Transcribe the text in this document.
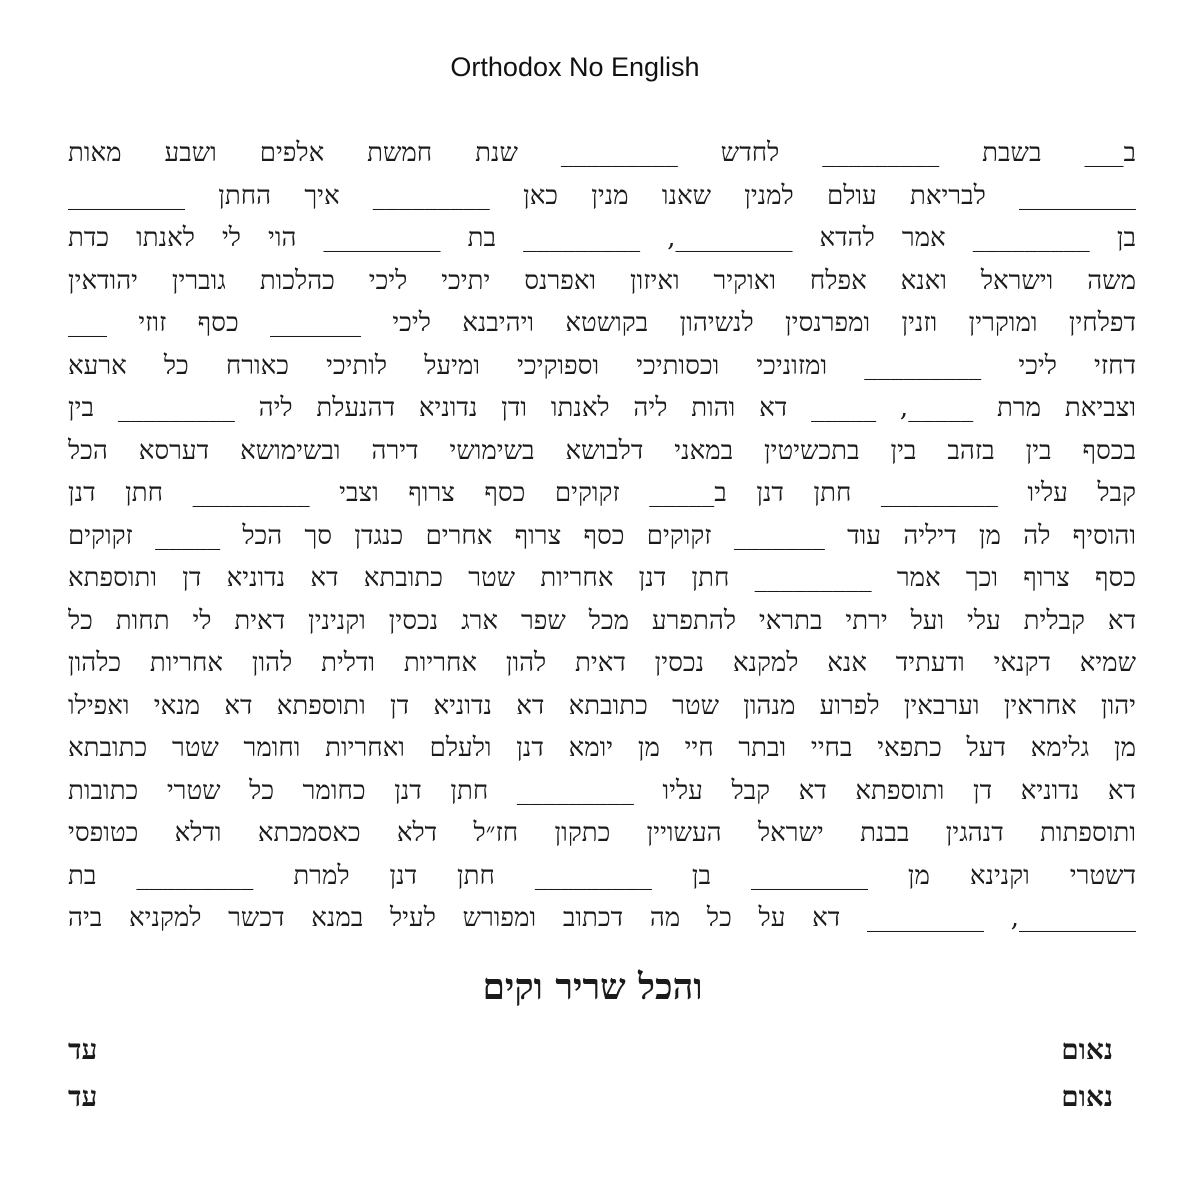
Orthodox No English
ב___ בשבת _________ לחדש _________ שנת חמשת אלפים ושבע מאות
_________ לבריאת עולם למנין שאנו מנין כאן _________ איך החתן _________
בן _________ אמר להדא _________, _________ בת _________ הוי לי לאנתו כדת
משה וישראל ואנא אפלח ואוקיר ואיזון ואפרנס יתיכי ליכי כהלכות גוברין יהודאין
דפלחין ומוקרין וזנין ומפרנסין לנשיהון בקושטא ויהיבנא ליכי _______ כסף זוזי ___
דחזי ליכי _________ ומזוניכי וכסותיכי וספוקיכי ומיעל לותיכי כאורח כל ארעא
וצביאת מרת _____, _____ דא והות ליה לאנתו ודן נדוניא דהנעלת ליה _________ בין
בכסף בין בזהב בין בתכשיטין במאני דלבושא בשימושי דירה ובשימושא דערסא הכל
קבל עליו _________ חתן דנן ב_____ זקוקים כסף צרוף וצבי _________ חתן דנן
והוסיף לה מן דיליה עוד _______ זקוקים כסף צרוף אחרים כנגדן סך הכל _____ זקוקים
כסף צרוף וכך אמר _________ חתן דנן אחריות שטר כתובתא דא נדוניא דן ותוספתא
דא קבלית עלי ועל ירתי בתראי להתפרע מכל שפר ארג נכסין וקנינין דאית לי תחות כל
שמיא דקנאי ודעתיד אנא למקנא נכסין דאית להון אחריות ודלית להון אחריות כלהון
יהון אחראין וערבאין לפרוע מנהון שטר כתובתא דא נדוניא דן ותוספתא דא מנאי ואפילו
מן גלימא דעל כתפאי בחיי ובתר חיי מן יומא דנן ולעלם ואחריות וחומר שטר כתובתא
דא נדוניא דן ותוספתא דא קבל עליו _________ חתן דנן כחומר כל שטרי כתובות
ותוספתות דנהגין בבנת ישראל העשויין כתקון חז״ל דלא כאסמכתא ודלא כטופסי
דשטרי וקנינא מן _________ בן _________ חתן דנן למרת _________ בת
_________, _________ דא על כל מה דכתוב ומפורש לעיל במנא דכשר למקניא ביה
והכל שריר וקים
נאום
עד
נאום
עד
